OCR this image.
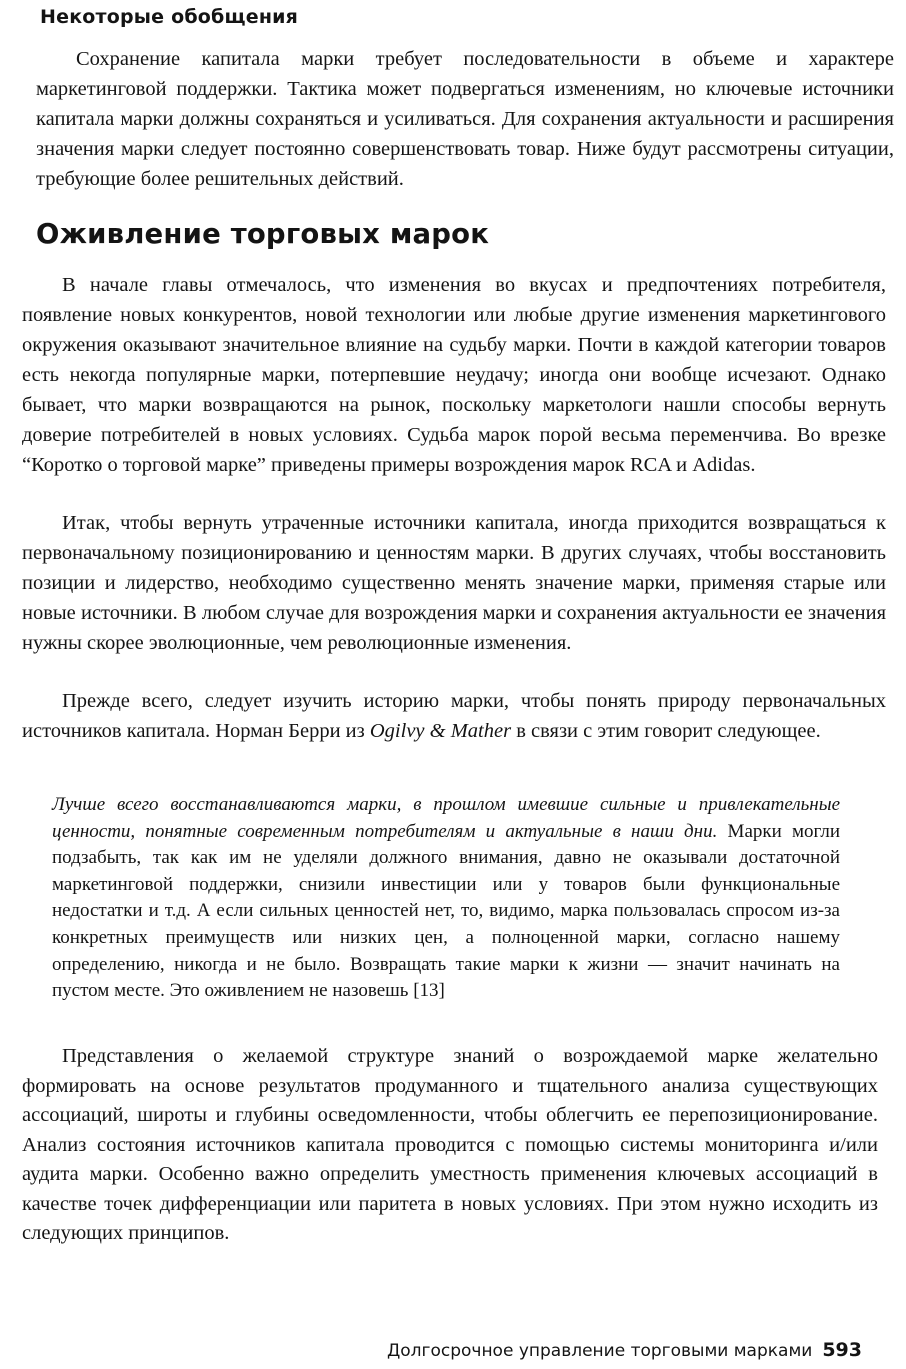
Некоторые обобщения

Сохранение капитала марки требует последовательности в объеме и характере маркетинговой поддержки. Тактика может подвергаться изменениям, но ключевые источники капитала марки должны сохраняться и усиливаться. Для сохранения актуальности и расширения значения марки следует постоянно совершенствовать товар. Ниже будут рассмотрены ситуации, требующие более решительных действий.

Оживление торговых марок

В начале главы отмечалось, что изменения во вкусах и предпочтениях потребителя, появление новых конкурентов, новой технологии или любые другие изменения маркетингового окружения оказывают значительное влияние на судьбу марки. Почти в каждой категории товаров есть некогда популярные марки, потерпевшие неудачу; иногда они вообще исчезают. Однако бывает, что марки возвращаются на рынок, поскольку маркетологи нашли способы вернуть доверие потребителей в новых условиях. Судьба марок порой весьма переменчива. Во врезке “Коротко о торговой марке” приведены примеры возрождения марок RCA и Adidas.

Итак, чтобы вернуть утраченные источники капитала, иногда приходится возвращаться к первоначальному позиционированию и ценностям марки. В других случаях, чтобы восстановить позиции и лидерство, необходимо существенно менять значение марки, применяя старые или новые источники. В любом случае для возрождения марки и сохранения актуальности ее значения нужны скорее эволюционные, чем революционные изменения.

Прежде всего, следует изучить историю марки, чтобы понять природу первоначальных источников капитала. Норман Берри из Ogilvy & Mather в связи с этим говорит следующее.

Лучше всего восстанавливаются марки, в прошлом имевшие сильные и привлекательные ценности, понятные современным потребителям и актуальные в наши дни. Марки могли подзабыть, так как им не уделяли должного внимания, давно не оказывали достаточной маркетинговой поддержки, снизили инвестиции или у товаров были функциональные недостатки и т.д. А если сильных ценностей нет, то, видимо, марка пользовалась спросом из-за конкретных преимуществ или низких цен, а полноценной марки, согласно нашему определению, никогда и не было. Возвращать такие марки к жизни — значит начинать на пустом месте. Это оживлением не назовешь [13]

Представления о желаемой структуре знаний о возрождаемой марке желательно формировать на основе результатов продуманного и тщательного анализа существующих ассоциаций, широты и глубины осведомленности, чтобы облегчить ее перепозиционирование. Анализ состояния источников капитала проводится с помощью системы мониторинга и/или аудита марки. Особенно важно определить уместность применения ключевых ассоциаций в качестве точек дифференциации или паритета в новых условиях. При этом нужно исходить из следующих принципов.

Долгосрочное управление торговыми марками 593
